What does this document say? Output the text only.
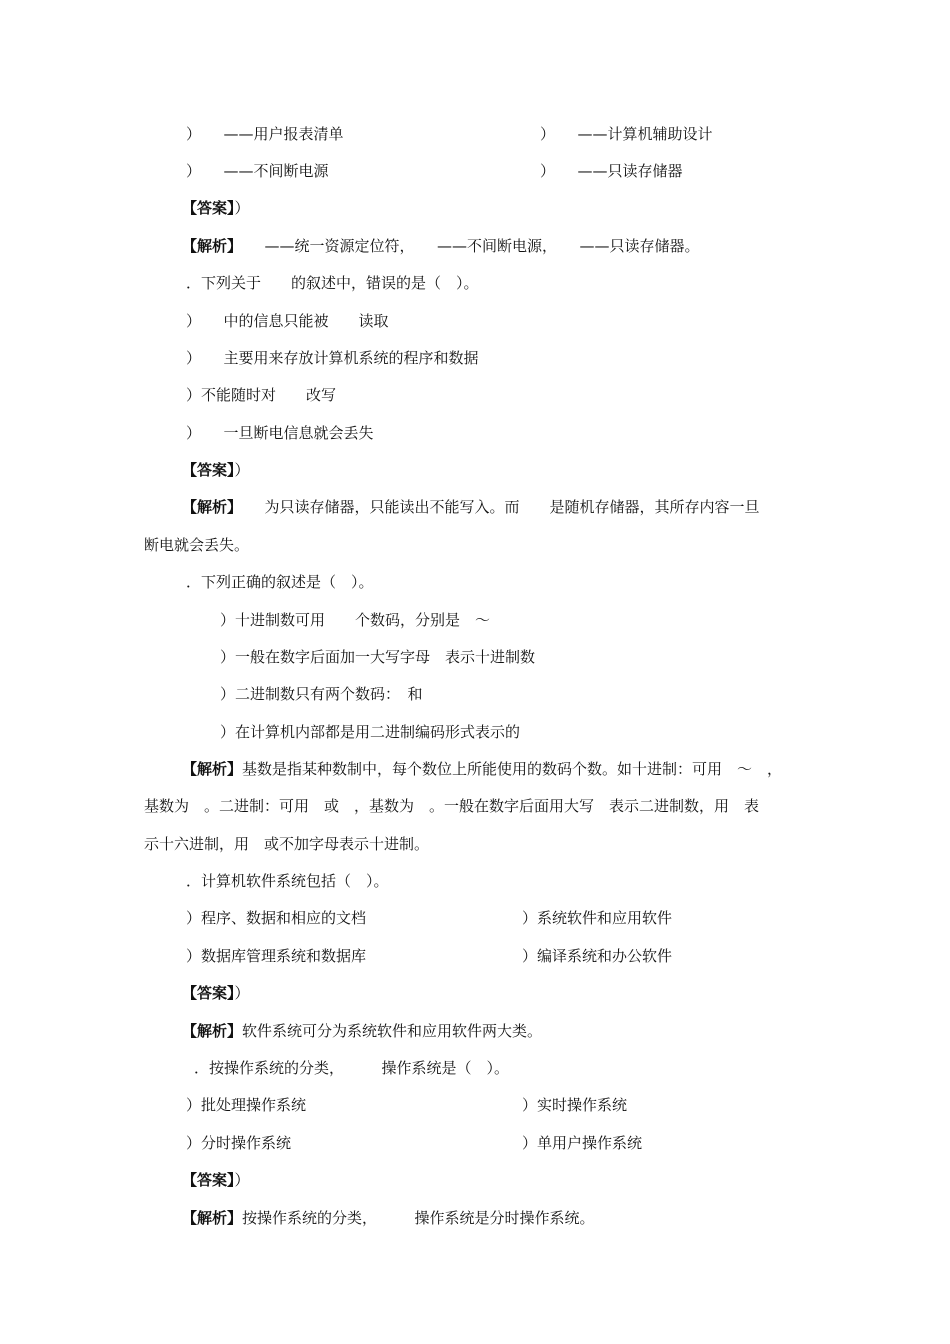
）　　——用户报表清单	）　　——计算机辅助设计
）　　——不间断电源	）　　——只读存储器
【答案】）
【解析】　　——统一资源定位符，　　——不间断电源，　　——只读存储器。
．下列关于　　的叙述中，错误的是（　）。
）　　中的信息只能被　　读取
）　　主要用来存放计算机系统的程序和数据
）不能随时对　　改写
）　　一旦断电信息就会丢失
【答案】）
【解析】　　为只读存储器，只能读出不能写入。而　　是随机存储器，其所存内容一旦
断电就会丢失。
．下列正确的叙述是（　）。
）十进制数可用　　个数码，分别是　～
）一般在数字后面加一大写字母　表示十进制数
）二进制数只有两个数码：　和
）在计算机内部都是用二进制编码形式表示的
【解析】基数是指某种数制中，每个数位上所能使用的数码个数。如十进制：可用　～　，
基数为　。二进制：可用　或　，基数为　。一般在数字后面用大写　表示二进制数，用　表
示十六进制，用　或不加字母表示十进制。
．计算机软件系统包括（　）。
）程序、数据和相应的文档	）系统软件和应用软件
）数据库管理系统和数据库	）编译系统和办公软件
【答案】）
【解析】软件系统可分为系统软件和应用软件两大类。
．按操作系统的分类，　　　操作系统是（　）。
）批处理操作系统	）实时操作系统
）分时操作系统	）单用户操作系统
【答案】）
【解析】按操作系统的分类，　　　操作系统是分时操作系统。
